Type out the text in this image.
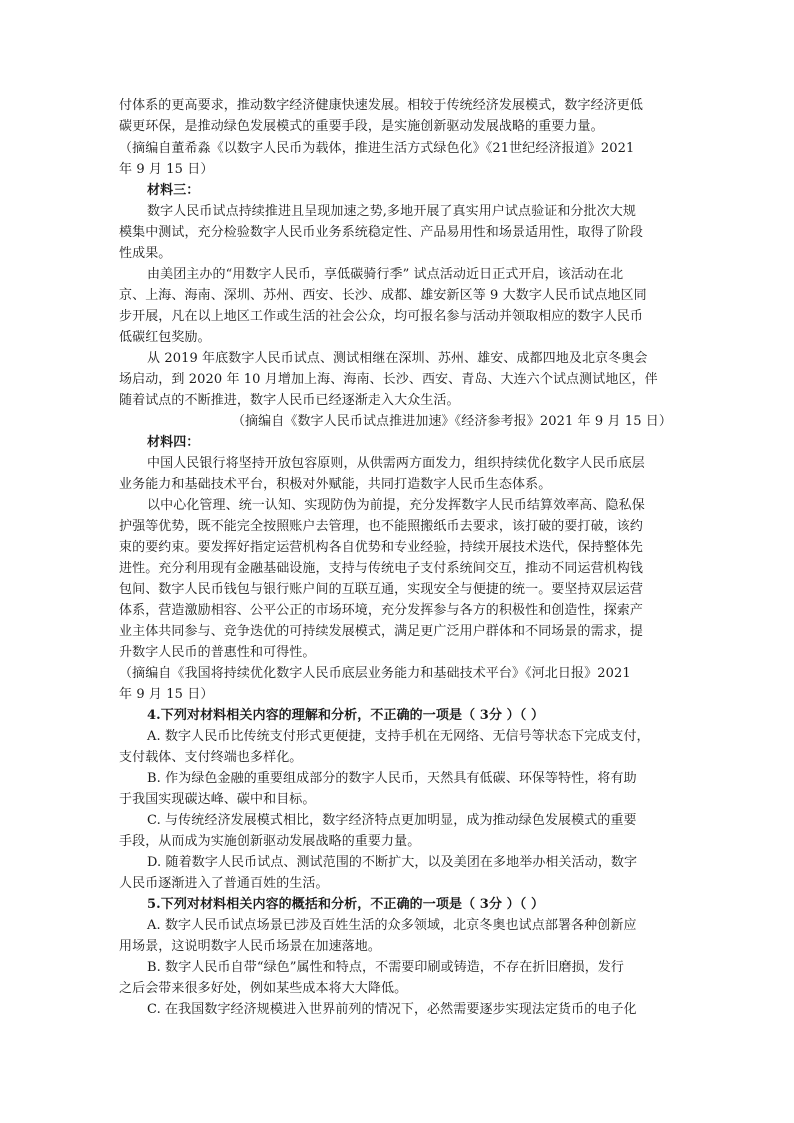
付体系的更高要求，推动数字经济健康快速发展。相较于传统经济发展模式，数字经济更低
碳更环保，是推动绿色发展模式的重要手段，是实施创新驱动发展战略的重要力量。
（摘编自董希淼《以数字人民币为载体，推进生活方式绿色化》《21世纪经济报道》2021
年 9 月 15 日）
材料三：
数字人民币试点持续推进且呈现加速之势,多地开展了真实用户试点验证和分批次大规
模集中测试，充分检验数字人民币业务系统稳定性、产品易用性和场景适用性，取得了阶段
性成果。
由美团主办的“用数字人民币，享低碳骑行季” 试点活动近日正式开启，该活动在北
京、上海、海南、深圳、苏州、西安、长沙、成都、雄安新区等 9 大数字人民币试点地区同
步开展，凡在以上地区工作或生活的社会公众，均可报名参与活动并领取相应的数字人民币
低碳红包奖励。
从 2019 年底数字人民币试点、测试相继在深圳、苏州、雄安、成都四地及北京冬奥会
场启动，到 2020 年 10 月增加上海、海南、长沙、西安、青岛、大连六个试点测试地区，伴
随着试点的不断推进，数字人民币已经逐渐走入大众生活。
（摘编自《数字人民币试点推进加速》《经济参考报》2021 年 9 月 15 日）
材料四：
中国人民银行将坚持开放包容原则，从供需两方面发力，组织持续优化数字人民币底层
业务能力和基础技术平台，积极对外赋能，共同打造数字人民币生态体系。
以中心化管理、统一认知、实现防伪为前提，充分发挥数字人民币结算效率高、隐私保
护强等优势，既不能完全按照账户去管理，也不能照搬纸币去要求，该打破的要打破，该约
束的要约束。要发挥好指定运营机构各自优势和专业经验，持续开展技术迭代，保持整体先
进性。充分利用现有金融基础设施，支持与传统电子支付系统间交互，推动不同运营机构钱
包间、数字人民币钱包与银行账户间的互联互通，实现安全与便捷的统一。要坚持双层运营
体系，营造激励相容、公平公正的市场环境，充分发挥参与各方的积极性和创造性，探索产
业主体共同参与、竞争迭优的可持续发展模式，满足更广泛用户群体和不同场景的需求，提
升数字人民币的普惠性和可得性。
（摘编自《我国将持续优化数字人民币底层业务能力和基础技术平台》《河北日报》2021
年 9 月 15 日）
4.下列对材料相关内容的理解和分析，不正确的一项是（ 3分 ）（ ）
A. 数字人民币比传统支付形式更便捷，支持手机在无网络、无信号等状态下完成支付，
支付载体、支付终端也多样化。
B. 作为绿色金融的重要组成部分的数字人民币，天然具有低碳、环保等特性，将有助
于我国实现碳达峰、碳中和目标。
C. 与传统经济发展模式相比，数字经济特点更加明显，成为推动绿色发展模式的重要
手段，从而成为实施创新驱动发展战略的重要力量。
D. 随着数字人民币试点、测试范围的不断扩大，以及美团在多地举办相关活动，数字
人民币逐渐进入了普通百姓的生活。
5.下列对材料相关内容的概括和分析，不正确的一项是（ 3分 ）（ ）
A. 数字人民币试点场景已涉及百姓生活的众多领域，北京冬奥也试点部署各种创新应
用场景，这说明数字人民币场景在加速落地。
B. 数字人民币自带“绿色”属性和特点，不需要印刷或铸造，不存在折旧磨损，发行
之后会带来很多好处，例如某些成本将大大降低。
C. 在我国数字经济规模进入世界前列的情况下，必然需要逐步实现法定货币的电子化
